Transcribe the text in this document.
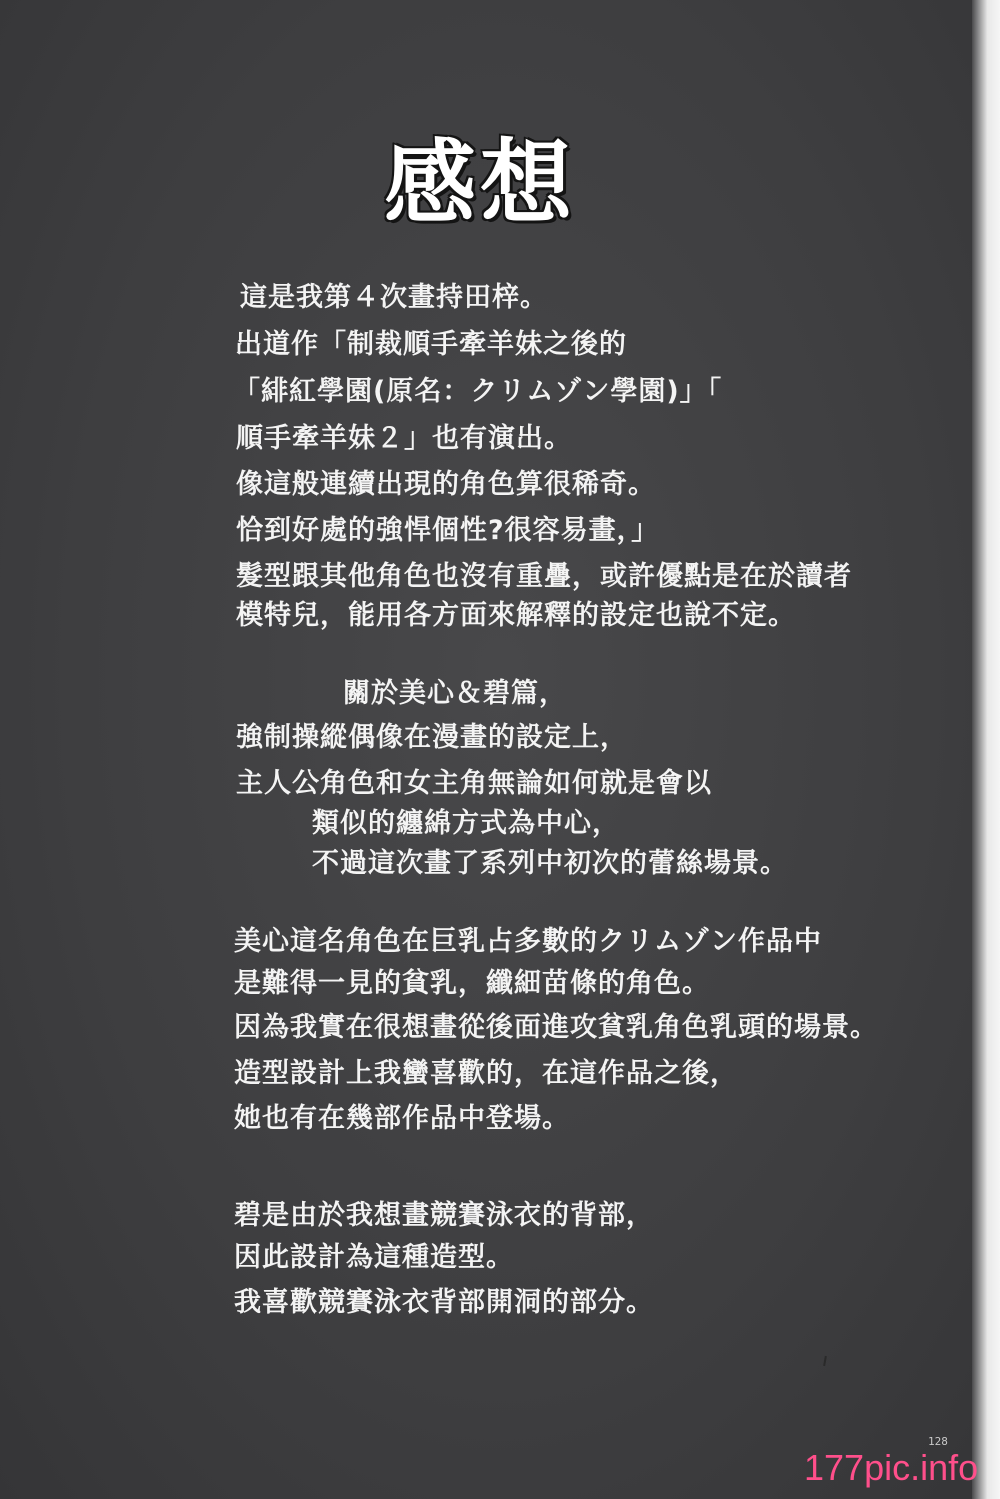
感想
這是我第４次畫持田梓。
出道作「制裁順手牽羊妹之後的
「緋紅學園(原名：クリムゾン學園)」「
順手牽羊妹２」也有演出。
像這般連續出現的角色算很稀奇。
恰到好處的強悍個性?很容易畫，」
髮型跟其他角色也沒有重疊，或許優點是在於讀者
模特兒，能用各方面來解釋的設定也說不定。
關於美心＆碧篇，
強制操縱偶像在漫畫的設定上，
主人公角色和女主角無論如何就是會以
類似的纏綿方式為中心，
不過這次畫了系列中初次的蕾絲場景。
美心這名角色在巨乳占多數的クリムゾン作品中
是難得一見的貧乳，纖細苗條的角色。
因為我實在很想畫從後面進攻貧乳角色乳頭的場景。
造型設計上我蠻喜歡的，在這作品之後，
她也有在幾部作品中登場。
碧是由於我想畫競賽泳衣的背部，
因此設計為這種造型。
我喜歡競賽泳衣背部開洞的部分。
128
177pic.info
